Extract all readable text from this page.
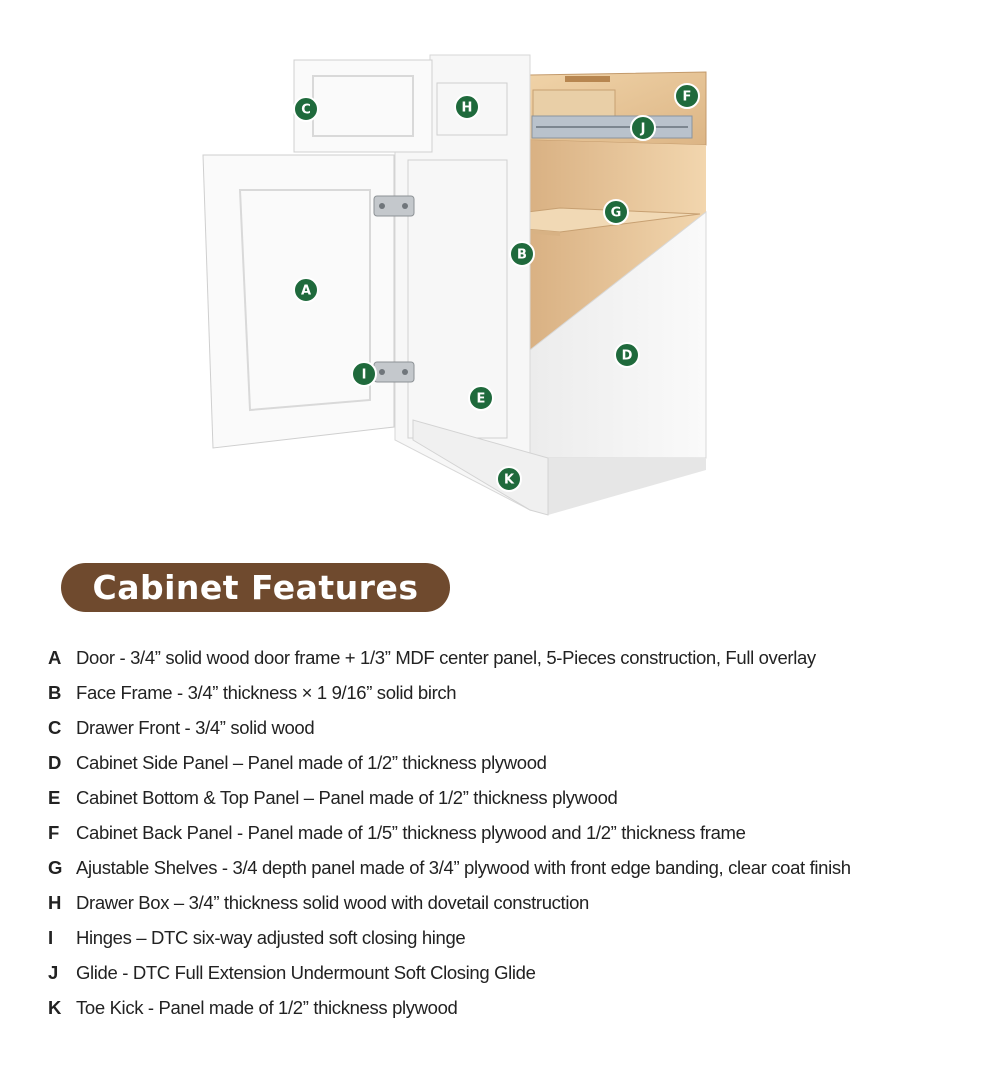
A
B
C
D
E
F
G
H
I
J
K
Cabinet Features
A Door - 3/4” solid wood door frame + 1/3” MDF center panel, 5-Pieces construction, Full overlay
B Face Frame - 3/4” thickness × 1 9/16” solid birch
C Drawer Front - 3/4” solid wood
D Cabinet Side Panel – Panel made of 1/2” thickness plywood
E Cabinet Bottom & Top Panel – Panel made of 1/2” thickness plywood
F Cabinet Back Panel - Panel made of 1/5” thickness plywood and 1/2” thickness frame
G Ajustable Shelves - 3/4 depth panel made of 3/4” plywood with front edge banding, clear coat finish
H Drawer Box – 3/4” thickness solid wood with dovetail construction
I	Hinges – DTC six-way adjusted soft closing hinge
J Glide - DTC Full Extension Undermount Soft Closing Glide
K Toe Kick - Panel made of 1/2” thickness plywood
